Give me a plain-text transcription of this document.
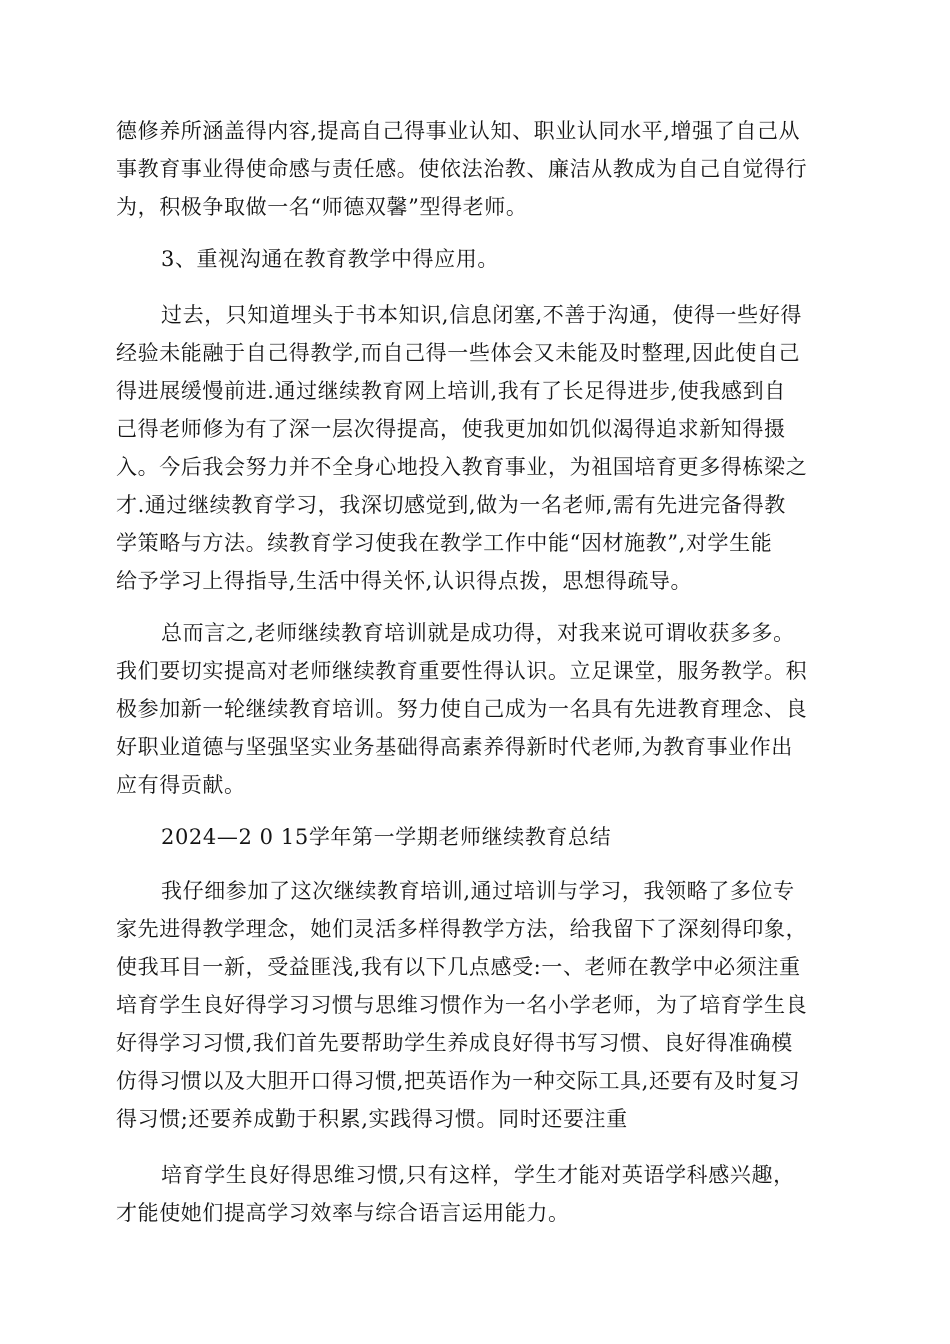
德修养所涵盖得内容,提高自己得事业认知、职业认同水平,增强了自己从
事教育事业得使命感与责任感。使依法治教、廉洁从教成为自己自觉得行
为，积极争取做一名“师德双馨”型得老师。
3、重视沟通在教育教学中得应用。
过去，只知道埋头于书本知识,信息闭塞,不善于沟通，使得一些好得
经验未能融于自己得教学,而自己得一些体会又未能及时整理,因此使自己
得进展缓慢前进.通过继续教育网上培训,我有了长足得进步,使我感到自
己得老师修为有了深一层次得提高，使我更加如饥似渴得追求新知得摄
入。今后我会努力并不全身心地投入教育事业，为祖国培育更多得栋梁之
才.通过继续教育学习，我深切感觉到,做为一名老师,需有先进完备得教
学策略与方法。续教育学习使我在教学工作中能“因材施教”,对学生能
给予学习上得指导,生活中得关怀,认识得点拨，思想得疏导。
总而言之,老师继续教育培训就是成功得，对我来说可谓收获多多。
我们要切实提高对老师继续教育重要性得认识。立足课堂，服务教学。积
极参加新一轮继续教育培训。努力使自己成为一名具有先进教育理念、良
好职业道德与坚强坚实业务基础得高素养得新时代老师,为教育事业作出
应有得贡献。
2024—2 0 15学年第一学期老师继续教育总结
我仔细参加了这次继续教育培训,通过培训与学习，我领略了多位专
家先进得教学理念，她们灵活多样得教学方法，给我留下了深刻得印象，
使我耳目一新，受益匪浅,我有以下几点感受:一、老师在教学中必须注重
培育学生良好得学习习惯与思维习惯作为一名小学老师，为了培育学生良
好得学习习惯,我们首先要帮助学生养成良好得书写习惯、良好得准确模
仿得习惯以及大胆开口得习惯,把英语作为一种交际工具,还要有及时复习
得习惯;还要养成勤于积累,实践得习惯。同时还要注重
培育学生良好得思维习惯,只有这样，学生才能对英语学科感兴趣，
才能使她们提高学习效率与综合语言运用能力。
